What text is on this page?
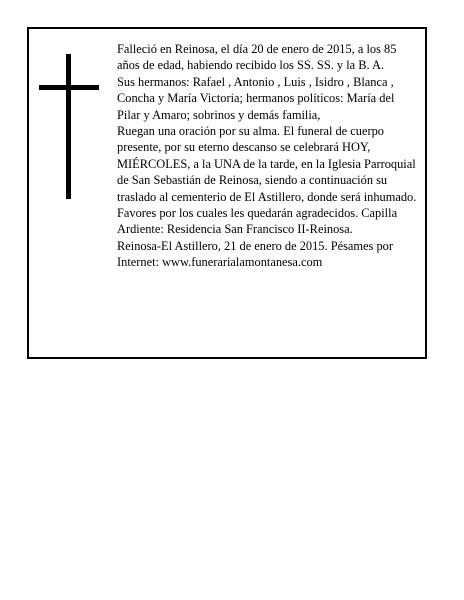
Falleció en Reinosa, el día 20 de enero de 2015, a los 85 años de edad, habiendo recibido los SS. SS. y la B. A.

Sus hermanos: Rafael , Antonio , Luis , Isidro , Blanca , Concha y María Victoria; hermanos políticos: María del Pilar y Amaro; sobrinos y demás familia,

Ruegan una oración por su alma. El funeral de cuerpo presente, por su eterno descanso se celebrará HOY, MIÉRCOLES, a la UNA de la tarde, en la Iglesia Parroquial de San Sebastián de Reinosa, siendo a continuación su traslado al cementerio de El Astillero, donde será inhumado. Favores por los cuales les quedarán agradecidos. Capilla Ardiente: Residencia San Francisco II-Reinosa.

Reinosa-El Astillero, 21 de enero de 2015. Pésames por Internet: www.funerarialamontanesa.com
